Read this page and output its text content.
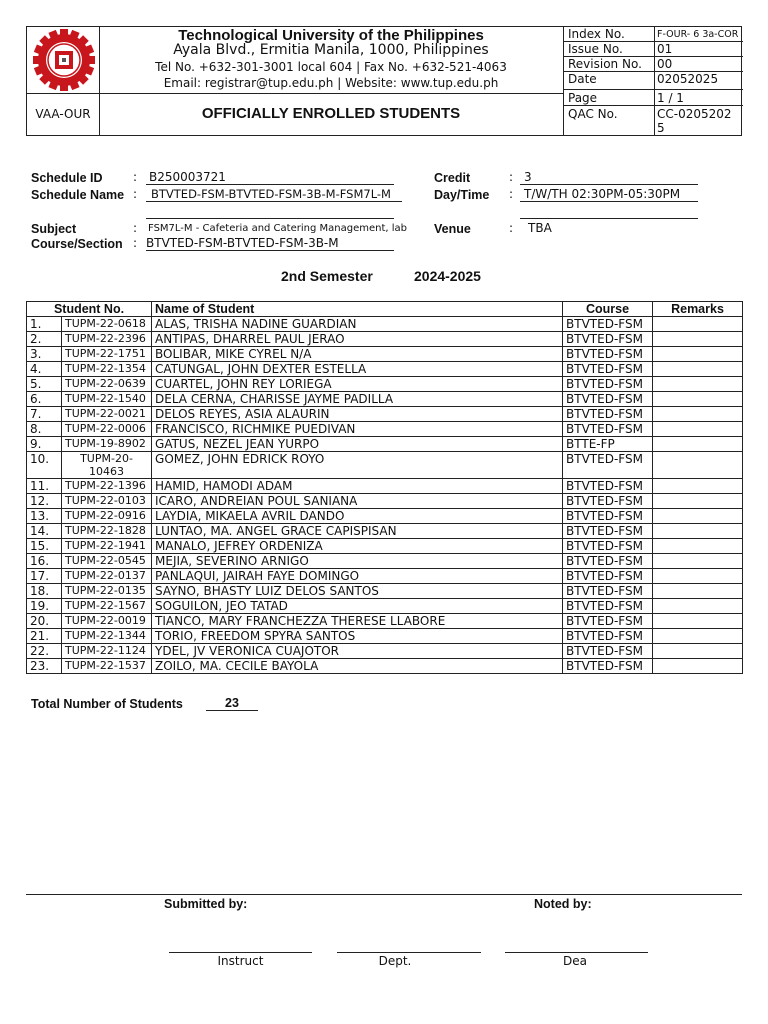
Technological University of the Philippines
Ayala Blvd., Ermitia Manila, 1000, Philippines
Tel No. +632-301-3001 local 604 | Fax No. +632-521-4063
Email: registrar@tup.edu.ph | Website: www.tup.edu.ph
VAA-OUR	OFFICIALLY ENROLLED STUDENTS
Index No.	F-OUR- 6 3a-COR
Issue No.	01
Revision No. 00
Date	02052025
Page	1 / 1
QAC No.	CC-02052025
Schedule ID	: B250003721
Schedule Name :	BTVTED-FSM-BTVTED-FSM-3B-M-FSM7L-M
Subject	: FSM7L-M - Cafeteria and Catering Management, lab
Course/Section : BTVTED-FSM-BTVTED-FSM-3B-M
Credit	: 3
Day/Time : T/W/TH 02:30PM-05:30PM
Venue	: TBA
2nd Semester	2024-2025
Student No.		Name of Student	Course	Remarks
1.	TUPM-22-0618	ALAS, TRISHA NADINE GUARDIAN	BTVTED-FSM	
2.	TUPM-22-2396	ANTIPAS, DHARREL PAUL JERAO	BTVTED-FSM	
3.	TUPM-22-1751	BOLIBAR, MIKE CYREL N/A	BTVTED-FSM	
4.	TUPM-22-1354	CATUNGAL, JOHN DEXTER ESTELLA	BTVTED-FSM	
5.	TUPM-22-0639	CUARTEL, JOHN REY LORIEGA	BTVTED-FSM	
6.	TUPM-22-1540	DELA CERNA, CHARISSE JAYME PADILLA	BTVTED-FSM	
7.	TUPM-22-0021	DELOS REYES, ASIA ALAURIN	BTVTED-FSM	
8.	TUPM-22-0006	FRANCISCO, RICHMIKE PUEDIVAN	BTVTED-FSM	
9.	TUPM-19-8902	GATUS, NEZEL JEAN YURPO	BTTE-FP	
10.	TUPM-20-10463	GOMEZ, JOHN EDRICK ROYO	BTVTED-FSM	
11.	TUPM-22-1396	HAMID, HAMODI ADAM	BTVTED-FSM	
12.	TUPM-22-0103	ICARO, ANDREIAN POUL SANIANA	BTVTED-FSM	
13.	TUPM-22-0916	LAYDIA, MIKAELA AVRIL DANDO	BTVTED-FSM	
14.	TUPM-22-1828	LUNTAO, MA. ANGEL GRACE CAPISPISAN	BTVTED-FSM	
15.	TUPM-22-1941	MANALO, JEFREY ORDENIZA	BTVTED-FSM	
16.	TUPM-22-0545	MEJIA, SEVERINO ARNIGO	BTVTED-FSM	
17.	TUPM-22-0137	PANLAQUI, JAIRAH FAYE DOMINGO	BTVTED-FSM	
18.	TUPM-22-0135	SAYNO, BHASTY LUIZ DELOS SANTOS	BTVTED-FSM	
19.	TUPM-22-1567	SOGUILON, JEO TATAD	BTVTED-FSM	
20.	TUPM-22-0019	TIANCO, MARY FRANCHEZZA THERESE LLABORE	BTVTED-FSM	
21.	TUPM-22-1344	TORIO, FREEDOM SPYRA SANTOS	BTVTED-FSM	
22.	TUPM-22-1124	YDEL, JV VERONICA CUAJOTOR	BTVTED-FSM	
23.	TUPM-22-1537	ZOILO, MA. CECILE BAYOLA	BTVTED-FSM	
Total Number of Students	23
Submitted by:	Noted by:
Instruct	Dept.	Dea
